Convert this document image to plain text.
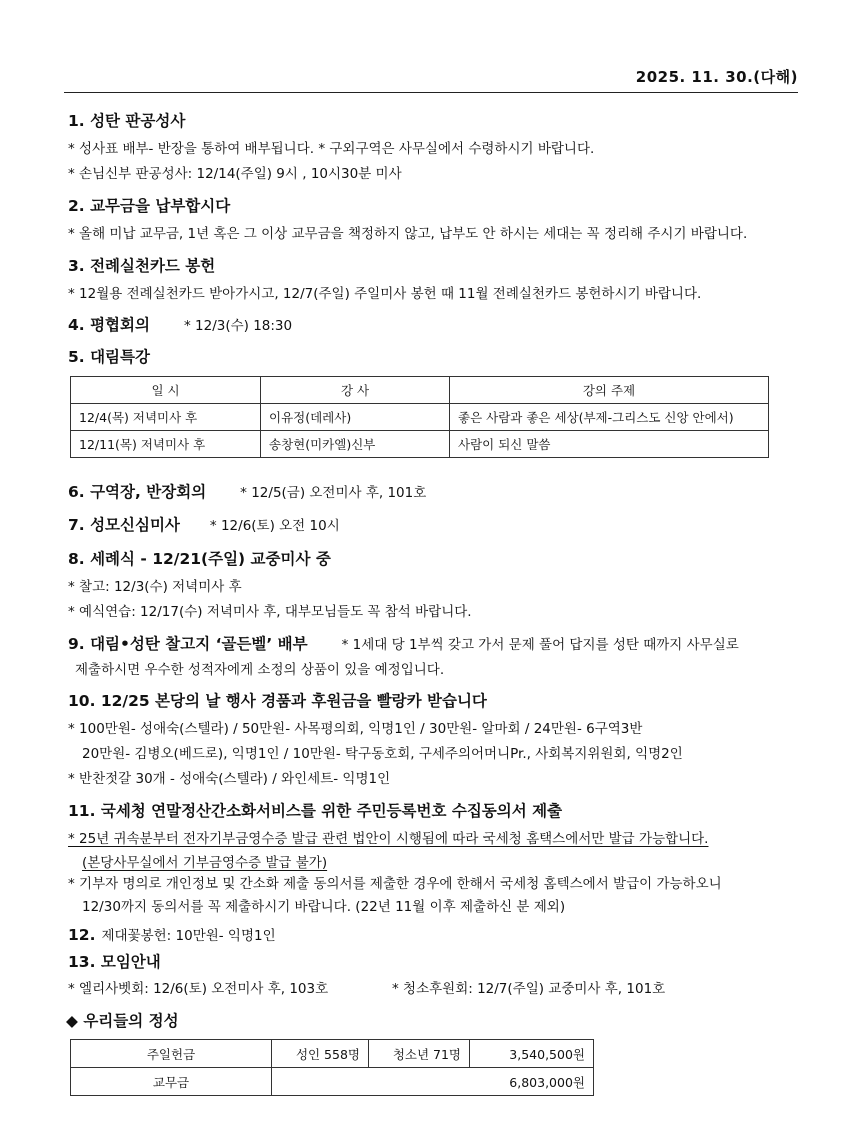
2025. 11. 30.(다해)
1. 성탄 판공성사
* 성사표 배부- 반장을 통하여 배부됩니다. * 구외구역은 사무실에서 수령하시기 바랍니다.
* 손님신부 판공성사: 12/14(주일) 9시 , 10시30분 미사
2. 교무금을 납부합시다
* 올해 미납 교무금, 1년 혹은 그 이상 교무금을 책정하지 않고, 납부도 안 하시는 세대는 꼭 정리해 주시기 바랍니다.
3. 전례실천카드 봉헌
* 12월용 전례실천카드 받아가시고, 12/7(주일) 주일미사 봉헌 때 11월 전례실천카드 봉헌하시기 바랍니다.
4. 평협회의	* 12/3(수) 18:30
5. 대림특강
일 시	강 사	강의 주제
12/4(목) 저녁미사 후	이유정(데레사)	좋은 사람과 좋은 세상(부제-그리스도 신앙 안에서)
12/11(목) 저녁미사 후	송창현(미카엘)신부	사람이 되신 말씀
6. 구역장, 반장회의	* 12/5(금) 오전미사 후, 101호
7. 성모신심미사 * 12/6(토) 오전 10시
8. 세례식 - 12/21(주일) 교중미사 중
* 찰고: 12/3(수) 저녁미사 후
* 예식연습: 12/17(수) 저녁미사 후, 대부모님들도 꼭 참석 바랍니다.
9. 대림•성탄 찰고지 ‘골든벨’ 배부	* 1세대 당 1부씩 갖고 가서 문제 풀어 답지를 성탄 때까지 사무실로
제출하시면 우수한 성적자에게 소정의 상품이 있을 예정입니다.
10. 12/25 본당의 날 행사 경품과 후원금을 빨랑카 받습니다
* 100만원- 성애숙(스텔라) / 50만원- 사목평의회, 익명1인 / 30만원- 알마회 / 24만원- 6구역3반
20만원- 김병오(베드로), 익명1인 / 10만원- 탁구동호회, 구세주의어머니Pr., 사회복지위원회, 익명2인
* 반찬젓갈 30개 - 성애숙(스텔라) / 와인세트- 익명1인
11. 국세청 연말정산간소화서비스를 위한 주민등록번호 수집동의서 제출
* 25년 귀속분부터 전자기부금영수증 발급 관련 법안이 시행됨에 따라 국세청 홈택스에서만 발급 가능합니다.
(본당사무실에서 기부금영수증 발급 불가)
* 기부자 명의로 개인정보 및 간소화 제출 동의서를 제출한 경우에 한해서 국세청 홈텍스에서 발급이 가능하오니
12/30까지 동의서를 꼭 제출하시기 바랍니다. (22년 11월 이후 제출하신 분 제외)
12. 제대꽃봉헌: 10만원- 익명1인
13. 모임안내
* 엘리사벳회: 12/6(토) 오전미사 후, 103호	* 청소후원회: 12/7(주일) 교중미사 후, 101호
◆ 우리들의 정성
주일헌금	성인 558명	청소년 71명	3,540,500원
교무금	6,803,000원		
